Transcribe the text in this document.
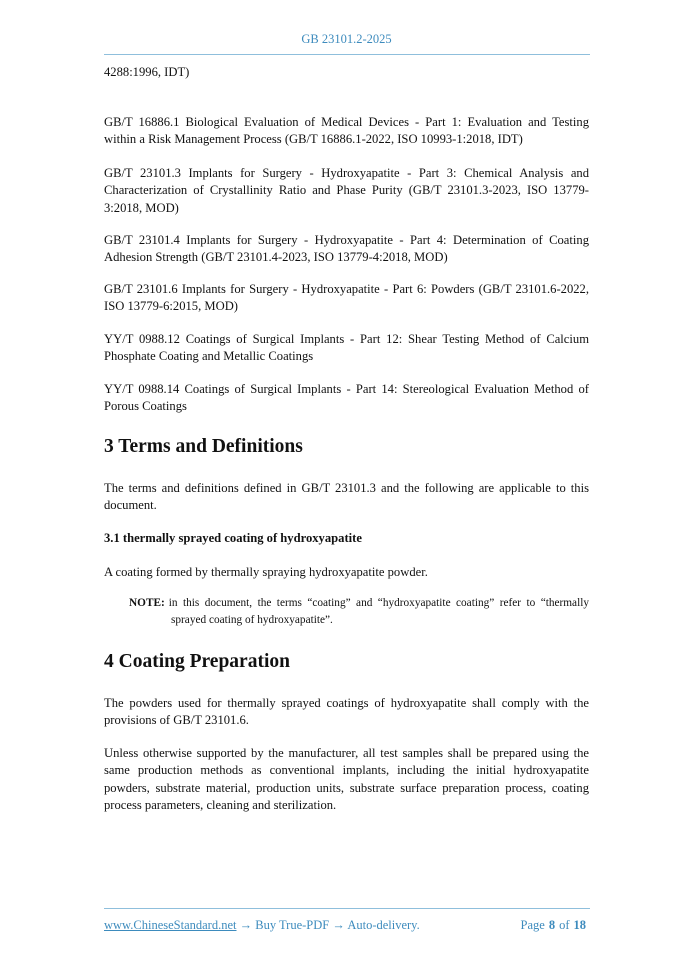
GB 23101.2-2025
4288:1996, IDT)
GB/T 16886.1 Biological Evaluation of Medical Devices - Part 1: Evaluation and Testing within a Risk Management Process (GB/T 16886.1-2022, ISO 10993-1:2018, IDT)
GB/T 23101.3 Implants for Surgery - Hydroxyapatite - Part 3: Chemical Analysis and Characterization of Crystallinity Ratio and Phase Purity (GB/T 23101.3-2023, ISO 13779-3:2018, MOD)
GB/T 23101.4 Implants for Surgery - Hydroxyapatite - Part 4: Determination of Coating Adhesion Strength (GB/T 23101.4-2023, ISO 13779-4:2018, MOD)
GB/T 23101.6 Implants for Surgery - Hydroxyapatite - Part 6: Powders (GB/T 23101.6-2022, ISO 13779-6:2015, MOD)
YY/T 0988.12 Coatings of Surgical Implants - Part 12: Shear Testing Method of Calcium Phosphate Coating and Metallic Coatings
YY/T 0988.14 Coatings of Surgical Implants - Part 14: Stereological Evaluation Method of Porous Coatings
3 Terms and Definitions
The terms and definitions defined in GB/T 23101.3 and the following are applicable to this document.
3.1 thermally sprayed coating of hydroxyapatite
A coating formed by thermally spraying hydroxyapatite powder.
NOTE: in this document, the terms “coating” and “hydroxyapatite coating” refer to “thermally sprayed coating of hydroxyapatite”.
4 Coating Preparation
The powders used for thermally sprayed coatings of hydroxyapatite shall comply with the provisions of GB/T 23101.6.
Unless otherwise supported by the manufacturer, all test samples shall be prepared using the same production methods as conventional implants, including the initial hydroxyapatite powders, substrate material, production units, substrate surface preparation process, coating process parameters, cleaning and sterilization.
www.ChineseStandard.net → Buy True-PDF → Auto-delivery.	Page 8 of 18
